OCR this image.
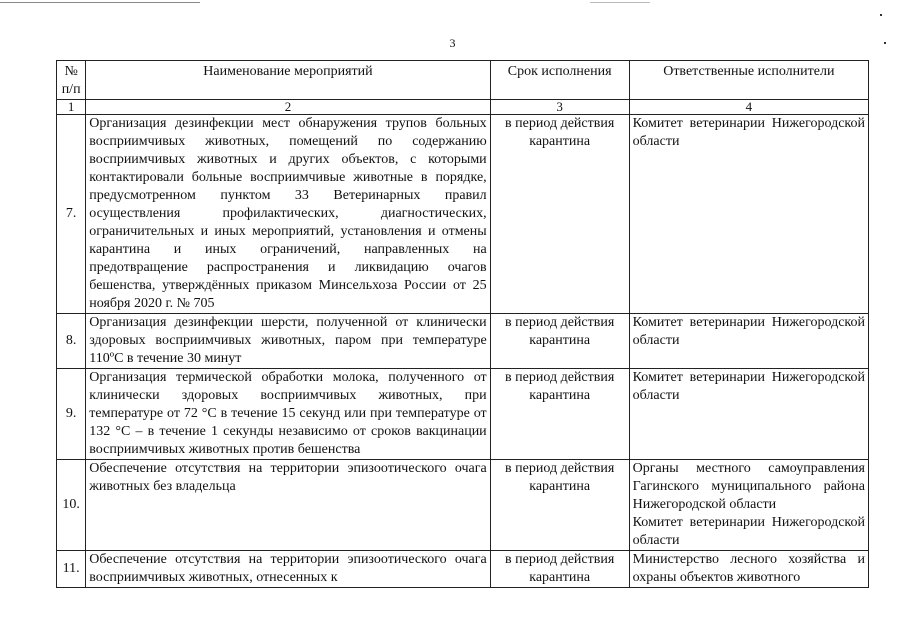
3
№ п/п	Наименование мероприятий	Срок исполнения	Ответственные исполнители
1	2	3	4
7.	Организация дезинфекции мест обнаружения трупов больных восприимчивых животных, помещений по содержанию восприимчивых животных и других объектов, с которыми контактировали больные восприимчивые животные в порядке, предусмотренном пунктом 33 Ветеринарных правил осуществления профилактических, диагностических, ограничительных и иных мероприятий, установления и отмены карантина и иных ограничений, направленных на предотвращение распространения и ликвидацию очагов бешенства, утверждённых приказом Минсельхоза России от 25 ноября 2020 г. № 705	в период действия карантина	Комитет ветеринарии Нижегородской области

8.	Организация дезинфекции шерсти, полученной от клинически здоровых восприимчивых животных, паром при температуре 110ºC в течение 30 минут	в период действия карантина	Комитет ветеринарии Нижегородской области

9.	Организация термической обработки молока, полученного от клинически здоровых восприимчивых животных, при температуре от 72 °C в течение 15 секунд или при температуре от 132 °C – в течение 1 секунды независимо от сроков вакцинации восприимчивых животных против бешенства	в период действия карантина	Комитет ветеринарии Нижегородской области

10.	Обеспечение отсутствия на территории эпизоотического очага животных без владельца	в период действия карантина	Органы местного самоуправления Гагинского муниципального района Нижегородской области
Комитет ветеринарии Нижегородской области

11.	Обеспечение отсутствия на территории эпизоотического очага восприимчивых животных, отнесенных к	в период действия карантина	Министерство лесного хозяйства и охраны объектов животного
